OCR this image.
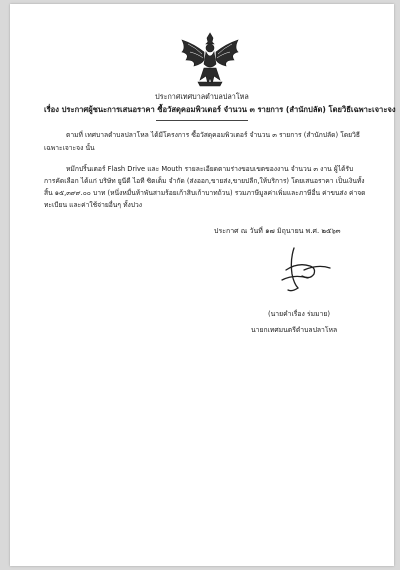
ประกาศเทศบาลตำบลปลาโหล
เรื่อง ประกาศผู้ชนะการเสนอราคา ซื้อวัสดุคอมพิวเตอร์ จำนวน ๓ รายการ (สำนักปลัด) โดยวิธีเฉพาะเจาะจง
ตามที่ เทศบาลตำบลปลาโหล ได้มีโครงการ ซื้อวัสดุคอมพิวเตอร์ จำนวน ๓ รายการ (สำนักปลัด) โดยวิธี
เฉพาะเจาะจง นั้น
หมึกปริ้นเตอร์ Flash Drive และ Mouth รายละเอียดตามร่างขอบเขตของงาน จำนวน ๓ งาน ผู้ได้รับ
การคัดเลือก ได้แก่ บริษัท ยูนีดี ไอที ซิตเต็ม จำกัด (ส่งออก,ขายส่ง,ขายปลีก,ให้บริการ) โดยเสนอราคา เป็นเงินทั้ง
สิ้น ๑๕,๓๙๙.๐๐ บาท (หนึ่งหมื่นห้าพันสามร้อยเก้าสิบเก้าบาทถ้วน) รวมภาษีมูลค่าเพิ่มและภาษีอื่น ค่าขนส่ง ค่าจด
ทะเบียน และค่าใช้จ่ายอื่นๆ ทั้งปวง
ประกาศ ณ วันที่ ๑๗ มิถุนายน พ.ศ. ๒๕๖๓
(นายคำเรื่อง ร่มมาย)
นายกเทศมนตรีตำบลปลาโหล
